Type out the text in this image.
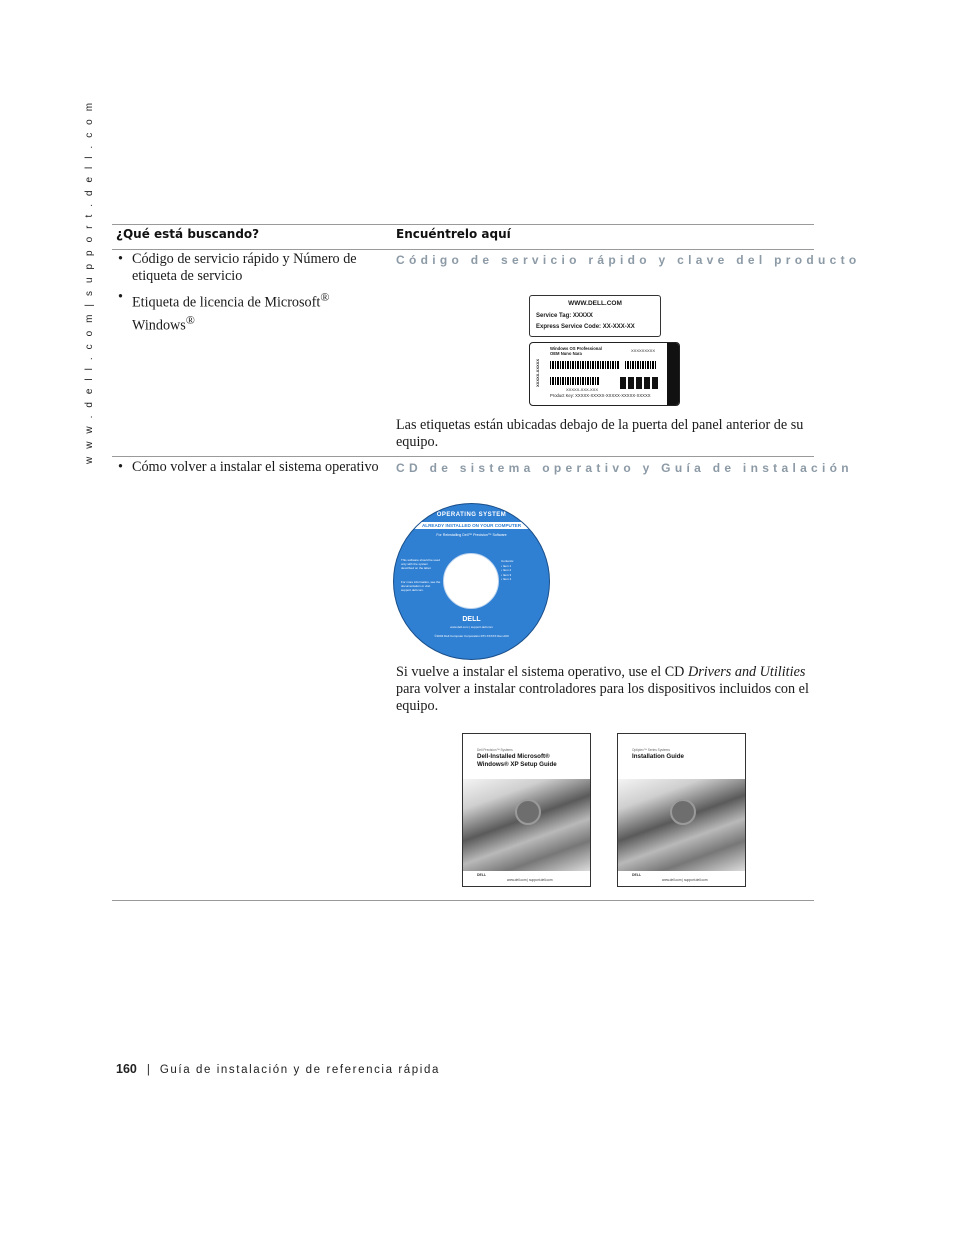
w w w . d e l l . c o m | s u p p o r t . d e l l . c o m ¿Qué está buscando?	Encuéntrelo aquí
• Código de servicio rápido y Número de etiqueta de servicio
• Etiqueta de licencia de Microsoft® Windows®
Código de servicio rápido y clave del producto
WWW.DELL.COM
Service Tag: XXXXX
Express Service Code: XX-XXX-XX
Windows OS Professional
OEM Nuno Nara
XXXXXXXXX
XXXXX-XXXXX
XXXXX-XXX-XXX
Product Key: XXXXX-XXXXX-XXXXX-XXXXX-XXXXX
Las etiquetas están ubicadas debajo de la puerta del panel anterior de su equipo.
• Cómo volver a instalar el sistema operativo	CD de sistema operativo y Guía de instalación
OPERATING SYSTEM
ALREADY INSTALLED ON YOUR COMPUTER
For Reinstalling Dell™ Precision™ Software
This software should be used only with the system described on the label.
For more information, see the documentation or visit support.dell.com.
Contents:
• Item 1
• Item 2
• Item 3
• Item 4
DELL
www.dell.com | support.dell.com
©2003 Dell Computer Corporation P/N XXXXX Rev A00
Si vuelve a instalar el sistema operativo, use el CD Drivers and Utilities para volver a instalar controladores para los dispositivos incluidos con el equipo.
Dell Precision™ Systems
Dell-Installed Microsoft® Windows® XP Setup Guide
DELL
www.dell.com | support.dell.com
Optiplex™ Series Systems
Installation Guide
DELL
www.dell.com | support.dell.com
160 | Guía de instalación y de referencia rápida
